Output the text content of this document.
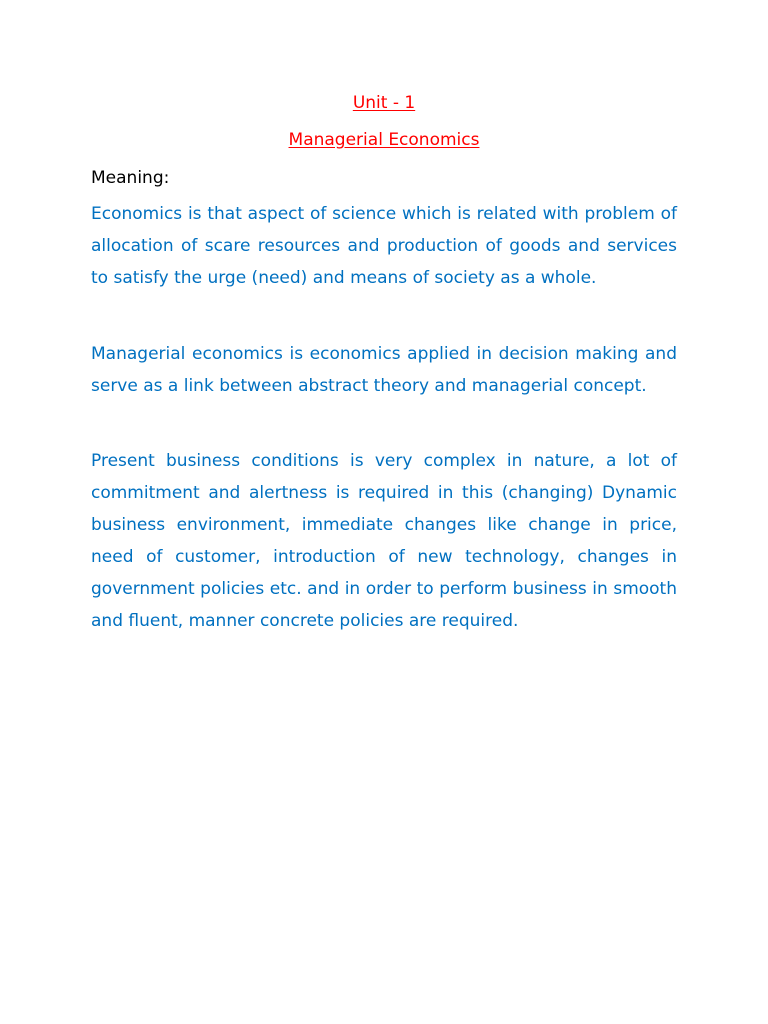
Unit - 1
Managerial Economics
Meaning:

Economics is that aspect of science which is related with problem of allocation of scare resources and production of goods and services to satisfy the urge (need) and means of society as a whole.

Managerial economics is economics applied in decision making and serve as a link between abstract theory and managerial concept.

Present business conditions is very complex in nature, a lot of commitment and alertness is required in this (changing) Dynamic business environment, immediate changes like change in price, need of customer, introduction of new technology, changes in government policies etc. and in order to perform business in smooth and fluent, manner concrete policies are required.
